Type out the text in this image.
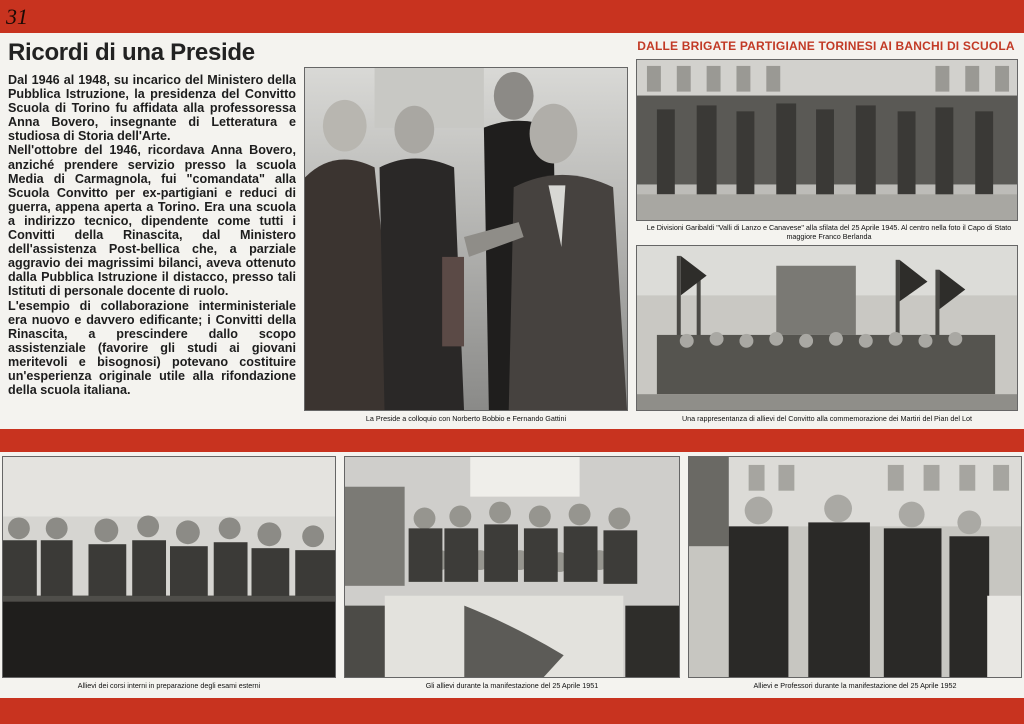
31
Ricordi di una Preside

Dal 1946 al 1948, su incarico del Ministero della Pubblica Istruzione, la presidenza del Convitto Scuola di Torino fu affidata alla professoressa Anna Bovero, insegnante di Letteratura e studiosa di Storia dell'Arte.

Nell'ottobre del 1946, ricordava Anna Bovero, anziché prendere servizio presso la scuola Media di Carmagnola, fui "comandata" alla Scuola Convitto per ex-partigiani e reduci di guerra, appena aperta a Torino. Era una scuola a indirizzo tecnico, dipendente come tutti i Convitti della Rinascita, dal Ministero dell'assistenza Post-bellica che, a parziale aggravio dei magrissimi bilanci, aveva ottenuto dalla Pubblica Istruzione il distacco, presso tali Istituti di personale docente di ruolo.

L'esempio di collaborazione interministeriale era nuovo e davvero edificante; i Convitti della Rinascita, a prescindere dallo scopo assistenziale (favorire gli studi ai giovani meritevoli e bisognosi) potevano costituire un'esperienza originale utile alla rifondazione della scuola italiana.

La Preside a colloquio con Norberto Bobbio e Fernando Gattini
DALLE BRIGATE PARTIGIANE TORINESI AI BANCHI DI SCUOLA
Le Divisioni Garibaldi "Valli di Lanzo e Canavese" alla sfilata del 25 Aprile 1945. Al centro nella foto il Capo di Stato maggiore Franco Berlanda
Una rappresentanza di allievi del Convitto alla commemorazione dei Martiri del Pian del Lot
Allievi dei corsi interni in preparazione degli esami esterni	Gli allievi durante la manifestazione del 25 Aprile 1951	Allievi e Professori durante la manifestazione del 25 Aprile 1952
